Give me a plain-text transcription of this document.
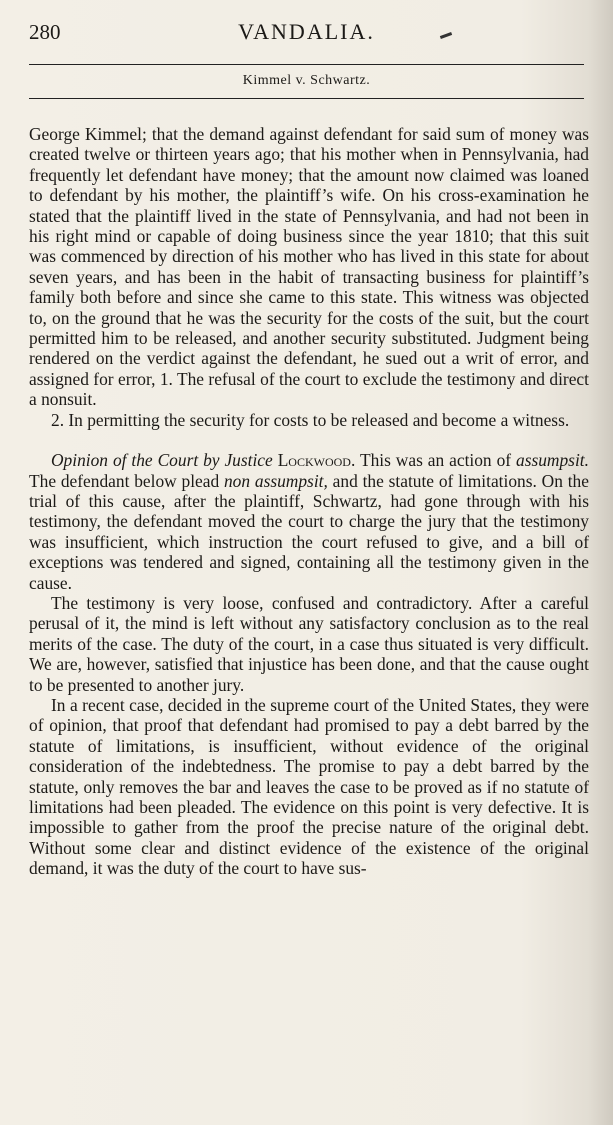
280	VANDALIA.
Kimmel v. Schwartz.

George Kimmel; that the demand against defendant for said sum of money was created twelve or thirteen years ago; that his mother when in Pennsylvania, had frequently let defendant have money; that the amount now claimed was loaned to defendant by his mother, the plaintiff’s wife. On his cross-examination he stated that the plaintiff lived in the state of Pennsylvania, and had not been in his right mind or capable of doing business since the year 1810; that this suit was commenced by direction of his mother who has lived in this state for about seven years, and has been in the habit of transacting business for plaintiff’s family both before and since she came to this state. This witness was objected to, on the ground that he was the security for the costs of the suit, but the court permitted him to be released, and another security substituted. Judgment being rendered on the verdict against the defendant, he sued out a writ of error, and assigned for error, 1. The refusal of the court to exclude the testimony and direct a nonsuit.

2. In permitting the security for costs to be released and become a witness.

Opinion of the Court by Justice Lockwood. This was an action of assumpsit. The defendant below plead non assumpsit, and the statute of limitations. On the trial of this cause, after the plaintiff, Schwartz, had gone through with his testimony, the defendant moved the court to charge the jury that the testimony was insufficient, which instruction the court refused to give, and a bill of exceptions was tendered and signed, containing all the testimony given in the cause.

The testimony is very loose, confused and contradictory. After a careful perusal of it, the mind is left without any satisfactory conclusion as to the real merits of the case. The duty of the court, in a case thus situated is very difficult. We are, however, satisfied that injustice has been done, and that the cause ought to be presented to another jury.

In a recent case, decided in the supreme court of the United States, they were of opinion, that proof that defendant had promised to pay a debt barred by the statute of limitations, is insufficient, without evidence of the original consideration of the indebtedness. The promise to pay a debt barred by the statute, only removes the bar and leaves the case to be proved as if no statute of limitations had been pleaded. The evidence on this point is very defective. It is impossible to gather from the proof the precise nature of the original debt. Without some clear and distinct evidence of the existence of the original demand, it was the duty of the court to have sus-
